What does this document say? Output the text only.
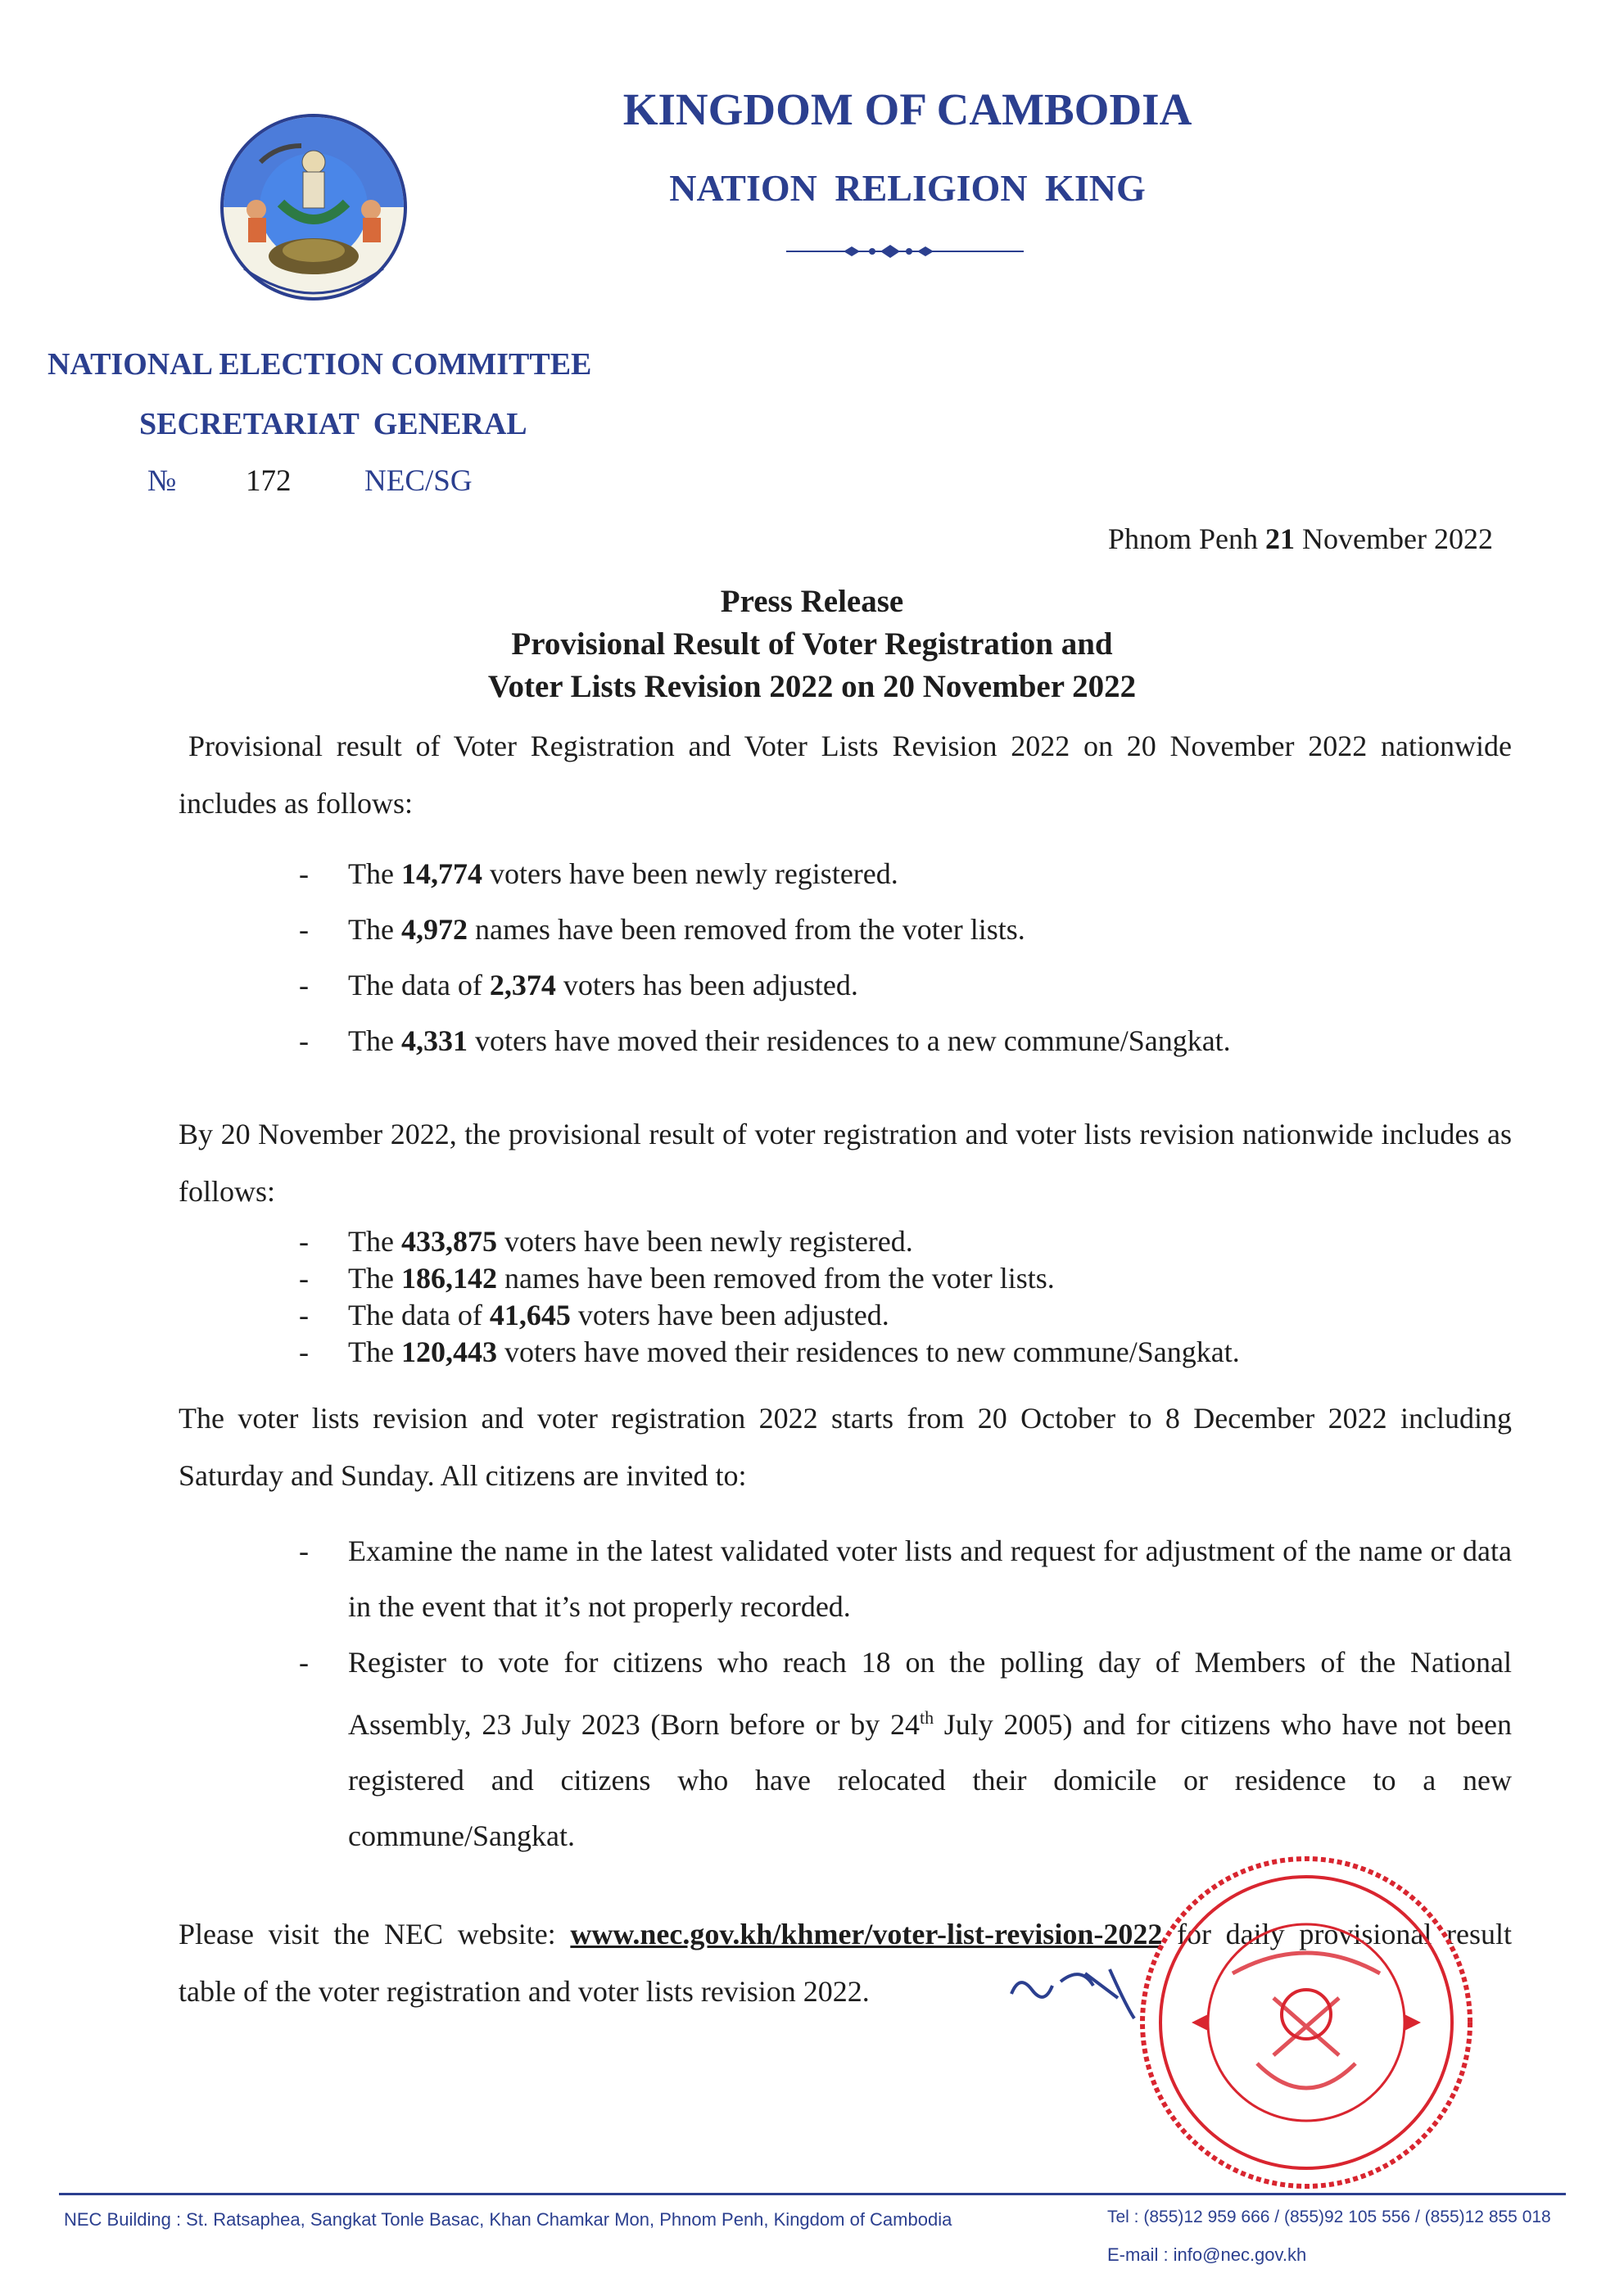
KINGDOM OF CAMBODIA
NATION RELIGION KING
NATIONAL ELECTION COMMITTEE
SECRETARIAT GENERAL
№ 172 NEC/SG
Phnom Penh 21 November 2022
Press Release
Provisional Result of Voter Registration and
Voter Lists Revision 2022 on 20 November 2022
Provisional result of Voter Registration and Voter Lists Revision 2022 on 20 November 2022 nationwide includes as follows:
- The 14,774 voters have been newly registered.
- The 4,972 names have been removed from the voter lists.
- The data of 2,374 voters has been adjusted.
- The 4,331 voters have moved their residences to a new commune/Sangkat.
By 20 November 2022, the provisional result of voter registration and voter lists revision nationwide includes as follows:
- The 433,875 voters have been newly registered.
- The 186,142 names have been removed from the voter lists.
- The data of 41,645 voters have been adjusted.
- The 120,443 voters have moved their residences to new commune/Sangkat.
The voter lists revision and voter registration 2022 starts from 20 October to 8 December 2022 including Saturday and Sunday. All citizens are invited to:
- Examine the name in the latest validated voter lists and request for adjustment of the name or data in the event that it’s not properly recorded.
- Register to vote for citizens who reach 18 on the polling day of Members of the National Assembly, 23 July 2023 (Born before or by 24th July 2005) and for citizens who have not been registered and citizens who have relocated their domicile or residence to a new commune/Sangkat.
Please visit the NEC website: www.nec.gov.kh/khmer/voter-list-revision-2022 for daily provisional result table of the voter registration and voter lists revision 2022.
NEC Building : St. Ratsaphea, Sangkat Tonle Basac, Khan Chamkar Mon, Phnom Penh, Kingdom of Cambodia	Tel : (855)12 959 666 / (855)92 105 556 / (855)12 855 018
E-mail : info@nec.gov.kh
